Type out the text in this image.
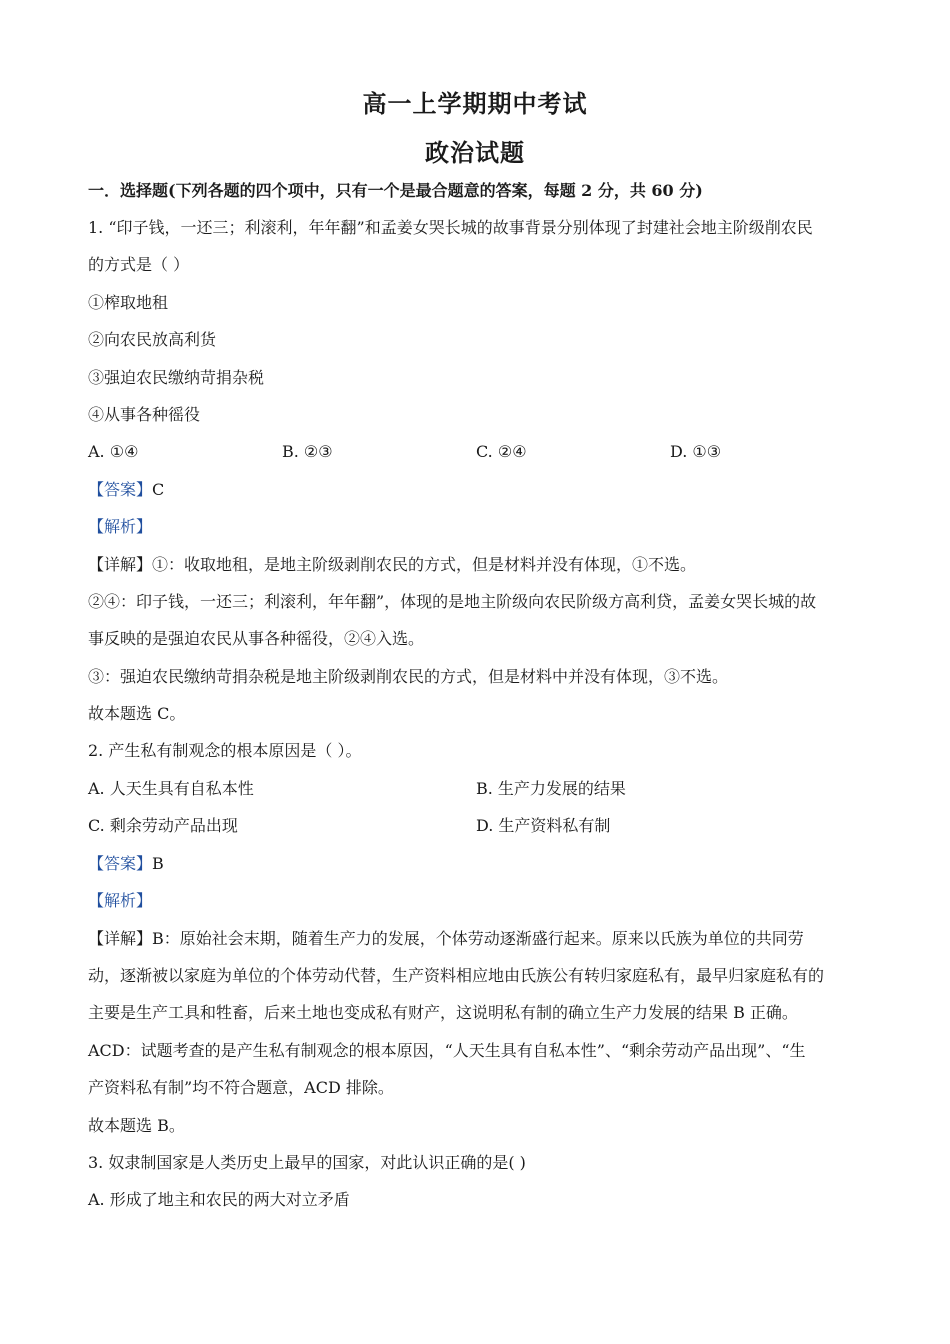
高一上学期期中考试
政治试题
一．选择题(下列各题的四个项中，只有一个是最合题意的答案，每题 2 分，共 60 分)
1. “印子钱，一还三；利滚利，年年翻”和孟姜女哭长城的故事背景分别体现了封建社会地主阶级削农民
的方式是（ ）
①榨取地租
②向农民放高利货
③强迫农民缴纳苛捐杂税
④从事各种徭役
A. ①④	B. ②③	C. ②④	D. ①③
【答案】C
【解析】
【详解】①：收取地租，是地主阶级剥削农民的方式，但是材料并没有体现，①不选。
②④：印子钱，一还三；利滚利，年年翻”，体现的是地主阶级向农民阶级方高利贷，孟姜女哭长城的故
事反映的是强迫农民从事各种徭役，②④入选。
③：强迫农民缴纳苛捐杂税是地主阶级剥削农民的方式，但是材料中并没有体现，③不选。
故本题选 C。
2. 产生私有制观念的根本原因是（ ）。
A. 人天生具有自私本性	B. 生产力发展的结果
C. 剩余劳动产品出现	D. 生产资料私有制
【答案】B
【解析】
【详解】B：原始社会末期，随着生产力的发展，个体劳动逐渐盛行起来。原来以氏族为单位的共同劳
动，逐渐被以家庭为单位的个体劳动代替，生产资料相应地由氏族公有转归家庭私有，最早归家庭私有的
主要是生产工具和牲畜，后来土地也变成私有财产，这说明私有制的确立生产力发展的结果 B 正确。
ACD：试题考查的是产生私有制观念的根本原因，“人天生具有自私本性”、“剩余劳动产品出现”、“生
产资料私有制”均不符合题意，ACD 排除。
故本题选 B。
3. 奴隶制国家是人类历史上最早的国家，对此认识正确的是( )
A. 形成了地主和农民的两大对立矛盾
